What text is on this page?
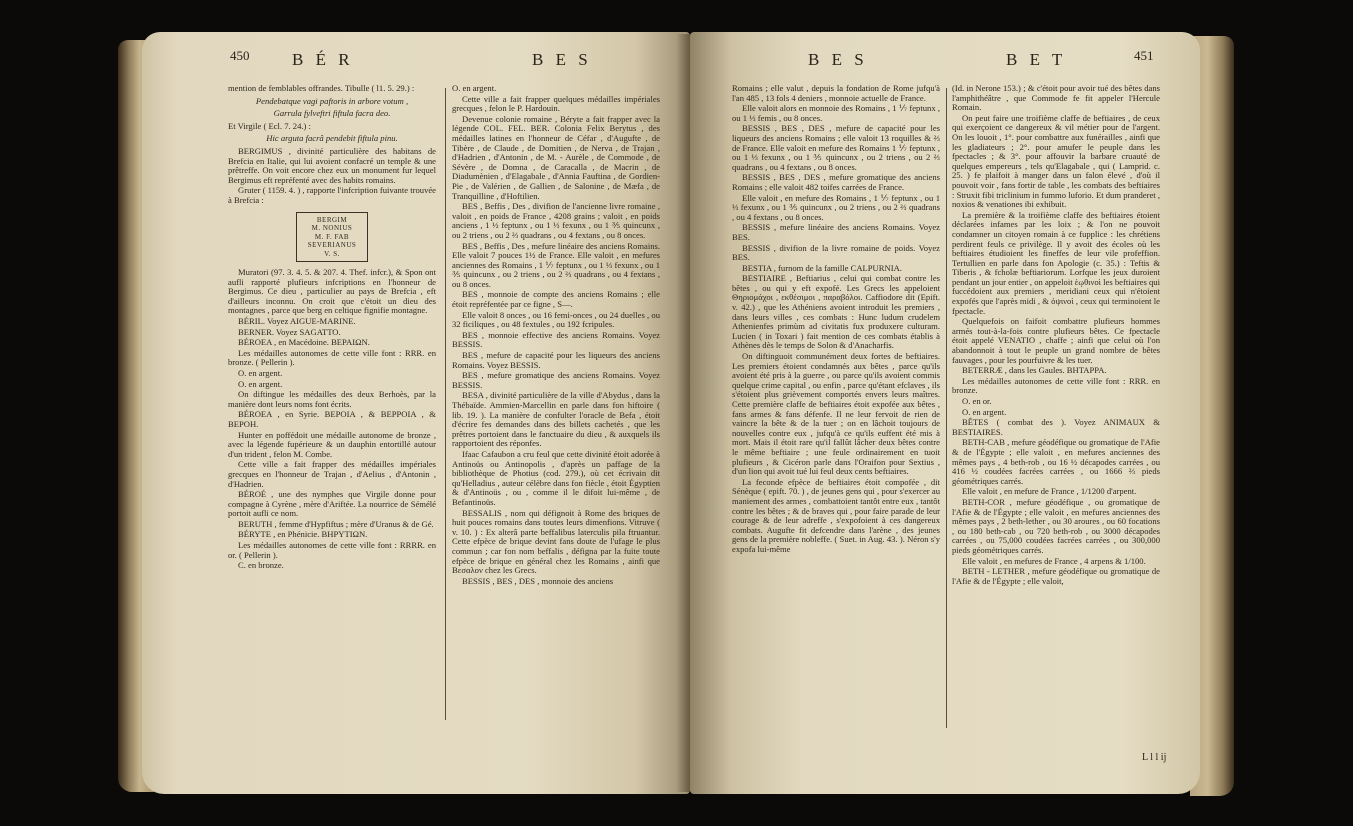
450	B É R	B E S

mention de femblables offrandes. Tibulle ( l1. 5. 29.) :

Pendebatque vagi paftoris in arbore votum ,

Garrula fylveftri fiftula facra deo.

Et Virgile ( Ecl. 7. 24.) :

Hic arguta facrâ pendebit fiftula pinu.

BERGIMUS , divinité particulière des habitans de Brefcia en Italie, qui lui avoient confacré un temple & une prêtreffe. On voit encore chez eux un monument fur lequel Bergimus eft repréfenté avec des habits romains.

Gruter ( 1159. 4. ) , rapporte l'infcription fuivante trouvée à Brefcia :

BERGIM
M. NONIUS
M. F. FAB
SEVERIANUS
V. S.

Muratori (97. 3. 4. 5. & 207. 4. Thef. infcr.), & Spon ont aufli rapporté plufieurs infcriptions en l'honneur de Bergimus. Ce dieu , particulier au pays de Brefcia , eft d'ailleurs inconnu. On croit que c'étoit un dieu des montagnes , parce que berg en celtique fignifie montagne.

BÉRIL. Voyez AIGUE-MARINE.

BERNER. Voyez SAGATTO.

BÉROEA , en Macédoine. ΒΕΡΑΙΩΝ.

Les médailles autonomes de cette ville font : RRR. en bronze. ( Pellerin ).

O. en argent.

O. en argent.

On diftingue les médailles des deux Berhoès, par la manière dont leurs noms font écrits.

BÉROEA , en Syrie. ΒΕΡΟΙΑ , & ΒΕΡΡΟΙΑ , & ΒΕΡΟΗ.

Hunter en poffédoit une médaille autonome de bronze , avec la légende fupérieure & un dauphin entortillé autour d'un trident , felon M. Combe.

Cette ville a fait frapper des médailles impériales grecques en l'honneur de Trajan , d'Aelius , d'Antonin , d'Hadrien.

BÉROÉ , une des nymphes que Virgile donne pour compagne à Cyrène , mère d'Ariftée. La nourrice de Sémélé portoit aufli ce nom.

BERUTH , femme d'Hypfiftus ; mère d'Uranus & de Gé.

BÉRYTE , en Phénicie. ΒΗΡΥΤΙΩΝ.

Les médailles autonomes de cette ville font : RRRR. en or. ( Pellerin ).

C. en bronze.

O. en argent.

Cette ville a fait frapper quelques médailles impériales grecques , felon le P. Hardouin.

Devenue colonie romaine , Béryte a fait frapper avec la légende COL. FEL. BER. Colonia Felix Berytus , des médailles latines en l'honneur de Céfar , d'Augufte , de Tibère , de Claude , de Domitien , de Nerva , de Trajan , d'Hadrien , d'Antonin , de M. - Aurèle , de Commode , de Sévère , de Domna , de Caracalla , de Macrin , de Diadumènien , d'Elagabale , d'Annia Fauftina , de Gordien-Pie , de Valérien , de Gallien , de Salonine , de Mæfa , de Tranquilline , d'Hoftilien.

BES , Beffis , Des , divifion de l'ancienne livre romaine , valoit , en poids de France , 4208 grains ; valoit , en poids anciens , 1 ½ feptunx , ou 1 ⅓ fexunx , ou 1 ⅗ quincunx , ou 2 triens , ou 2 ⅔ quadrans , ou 4 fextans , ou 8 onces.

BES , Beffis , Des , mefure linéaire des anciens Romains. Elle valoit 7 pouces 1½ de France. Elle valoit , en mefures anciennes des Romains , 1 ⅐ feptunx , ou 1 ⅓ fexunx , ou 1 ⅗ quincunx , ou 2 triens , ou 2 ⅔ quadrans , ou 4 fextans , ou 8 onces.

BES , monnoie de compte des anciens Romains ; elle étoit repréfentée par ce figne , S—.

Elle valoit 8 onces , ou 16 femi-onces , ou 24 duelles , ou 32 ficiliques , ou 48 fextules , ou 192 fcripules.

BES , monnoie effective des anciens Romains. Voyez BESSIS.

BES , mefure de capacité pour les liqueurs des anciens Romains. Voyez BESSIS.

BES , mefure gromatique des anciens Romains. Voyez BESSIS.

BESA , divinité particulière de la ville d'Abydus , dans la Thébaïde. Ammien-Marcellin en parle dans fon hiftoire ( lib. 19. ). La manière de confulter l'oracle de Befa , étoit d'écrire fes demandes dans des billets cachetés , que les prêtres portoient dans le fanctuaire du dieu , & auxquels ils rapportoient des réponfes.

Ifaac Cafaubon a cru feul que cette divinité étoit adorée à Antinoüs ou Antinopolis , d'après un paffage de la bibliothèque de Photius (cod. 279.), où cet écrivain dit qu'Helladius , auteur célèbre dans fon fiècle , étoit Égyptien & d'Antinoüs , ou , comme il le difoit lui-même , de Befantinoüs.

BESSALIS , nom qui défignoit à Rome des briques de huit pouces romains dans toutes leurs dimenfions. Vitruve ( v. 10. ) : Ex alterâ parte beffalibus laterculis pila ftruantur. Cette efpèce de brique devint fans doute de l'ufage le plus commun ; car fon nom beffalis , défigna par la fuite toute efpèce de brique en général chez les Romains , ainfi que Βεσαλον chez les Grecs.

BESSIS , BES , DES , monnoie des anciens

B E S	B E T	451

Romains ; elle valut , depuis la fondation de Rome jufqu'à l'an 485 , 13 fols 4 deniers , monnoie actuelle de France.

Elle valoit alors en monnoie des Romains , 1 ⅐ feptunx , ou 1 ⅓ femis , ou 8 onces.

BESSIS , BES , DES , mefure de capacité pour les liqueurs des anciens Romains ; elle valoit 13 roquilles & ⅔ de France. Elle valoit en mefure des Romains 1 ⅐ feptunx , ou 1 ⅓ fexunx , ou 1 ⅗ quincunx , ou 2 triens , ou 2 ⅔ quadrans , ou 4 fextans , ou 8 onces.

BESSIS , BES , DES , mefure gromatique des anciens Romains ; elle valoit 482 toifes carrées de France.

Elle valoit , en mefure des Romains , 1 ⅐ feptunx , ou 1 ⅓ fexunx , ou 1 ⅗ quincunx , ou 2 triens , ou 2 ⅔ quadrans , ou 4 fextans , ou 8 onces.

BESSIS , mefure linéaire des anciens Romains. Voyez BES.

BESSIS , divifion de la livre romaine de poids. Voyez BES.

BESTIA , furnom de la famille CALPURNIA.

BESTIAIRE , Beftiarius , celui qui combat contre les bêtes , ou qui y eft expofé. Les Grecs les appeloient Θηριομάχοι , εκθέσιμοι , παραβόλοι. Caffiodore dit (Epift. v. 42.) , que les Athéniens avoient introduit les premiers , dans leurs villes , ces combats : Hunc ludum crudelem Athenienfes primùm ad civitatis fux produxere culturam. Lucien ( in Toxari ) fait mention de ces combats établis à Athènes dès le temps de Solon & d'Anacharfis.

On diftinguoit communément deux fortes de beftiaires. Les premiers étoient condamnés aux bêtes , parce qu'ils avoient été pris à la guerre , ou parce qu'ils avoient commis quelque crime capital , ou enfin , parce qu'étant efclaves , ils s'étoient plus grièvement comportés envers leurs maîtres. Cette première claffe de beftiaires étoit expofée aux bêtes , fans armes & fans défenfe. Il ne leur fervoit de rien de vaincre la bête & de la tuer ; on en lâchoit toujours de nouvelles contre eux , jufqu'à ce qu'ils euffent été mis à mort. Mais il étoit rare qu'il fallût lâcher deux bêtes contre le même beftiaire ; une feule ordinairement en tuoit plufieurs , & Cicéron parle dans l'Oraifon pour Sextius , d'un lion qui avoit tué lui feul deux cents beftiaires.

La feconde efpèce de beftiaires étoit compofée , dit Sénèque ( epift. 70. ) , de jeunes gens qui , pour s'exercer au maniement des armes , combattoient tantôt entre eux , tantôt contre les bêtes ; & de braves qui , pour faire parade de leur courage & de leur adreffe , s'expofoient à ces dangereux combats. Augufte fit defcendre dans l'arène , des jeunes gens de la première nobleffe. ( Suet. in Aug. 43. ). Néron s'y expofa lui-même

(Id. in Nerone 153.) ; & c'étoit pour avoir tué des bêtes dans l'amphithéâtre , que Commode fe fit appeler l'Hercule Romain.

On peut faire une troifième claffe de beftiaires , de ceux qui exerçoient ce dangereux & vil métier pour de l'argent. On les louoit , 1°. pour combattre aux funérailles , ainfi que les gladiateurs ; 2°. pour amufer le peuple dans les fpectacles ; & 3°. pour affouvir la barbare cruauté de quelques empereurs , tels qu'Elagabale , qui ( Lamprid. c. 25. ) fe plaifoit à manger dans un falon élevé , d'où il pouvoit voir , fans fortir de table , les combats des beftiaires : Struxit fibi triclinium in fummo luforio. Et dum pranderet , noxios & venationes ibi exhibuit.

La première & la troifième claffe des beftiaires étoient déclarées infames par les loix ; & l'on ne pouvoit condamner un citoyen romain à ce fupplice : les chrétiens perdirent feuls ce privilège. Il y avoit des écoles où les beftiaires étudioient les fineffes de leur vile profeffion. Tertullien en parle dans fon Apologie (c. 35.) : Teftis & Tiberis , & fcholæ beftiariorum. Lorfque les jeux duroient pendant un jour entier , on appeloit ἑῳθινοὶ les beftiaires qui fuccédoient aux premiers , meridiani ceux qui n'étoient expofés que l'après midi , & ὀψινοὶ , ceux qui terminoient le fpectacle.

Quelquefois on faifoit combattre plufieurs hommes armés tout-à-la-fois contre plufieurs bêtes. Ce fpectacle étoit appelé VENATIO , chaffe ; ainfi que celui où l'on abandonnoit à tout le peuple un grand nombre de bêtes fauvages , pour les pourfuivre & les tuer.

BETERRÆ , dans les Gaules. ΒΗΤΑΡΡΑ.

Les médailles autonomes de cette ville font : RRR. en bronze.

O. en or.

O. en argent.

BÊTES ( combat des ). Voyez ANIMAUX & BESTIAIRES.

BETH-CAB , mefure géodéfique ou gromatique de l'Afie & de l'Égypte ; elle valoit , en mefures anciennes des mêmes pays , 4 beth-rob , ou 16 ½ décapodes carrées , ou 416 ½ coudées facrées carrées , ou 1666 ⅔ pieds géométriques carrés.

Elle valoit , en mefure de France , 1/1200 d'arpent.

BETH-COR , mefure géodéfique , ou gromatique de l'Afie & de l'Égypte ; elle valoit , en mefures anciennes des mêmes pays , 2 beth-lether , ou 30 aroures , ou 60 focations , ou 180 beth-cab , ou 720 beth-rob , ou 3000 décapodes carrées , ou 75,000 coudées facrées carrées , ou 300,000 pieds géométriques carrés.

Elle valoit , en mefures de France , 4 arpens & 1/100.

BETH - LETHER , mefure géodéfique ou gromatique de l'Afie & de l'Égypte ; elle valoit,

L l l ij
